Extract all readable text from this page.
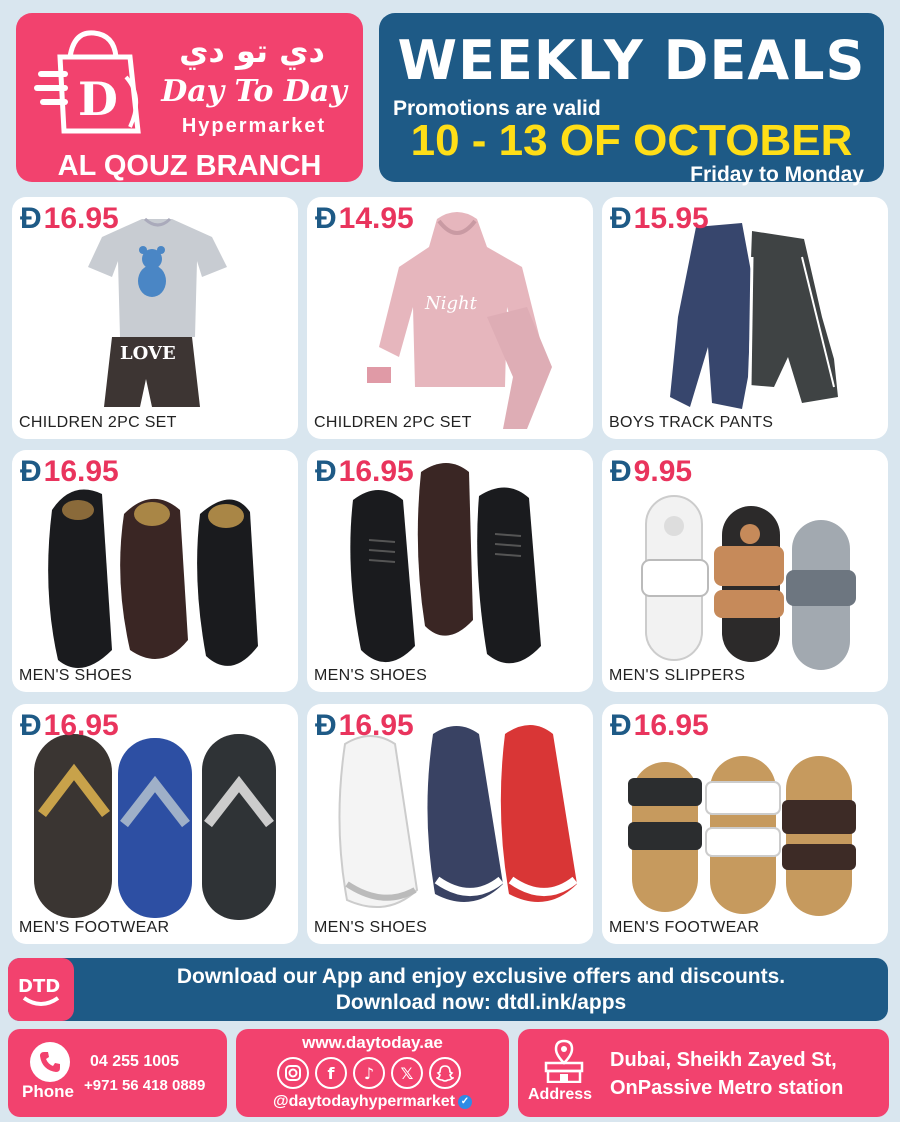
D
دي تو دي
Day To Day
Hypermarket
AL QOUZ BRANCH
WEEKLY DEALS
Promotions are valid
10 - 13 OF OCTOBER
Friday to Monday
LOVE
Đ 16.95
CHILDREN 2PC SET
Night
Đ 14.95
CHILDREN 2PC SET
Đ 15.95
BOYS TRACK PANTS
Đ 16.95
MEN'S SHOES
Đ 16.95
MEN'S SHOES
Đ 9.95
MEN'S SLIPPERS
Đ 16.95
MEN'S FOOTWEAR
Đ 16.95
MEN'S SHOES
Đ 16.95
MEN'S FOOTWEAR
DTD	Download our App and enjoy exclusive offers and discounts.
Download now: dtdl.ink/apps
Phone
04 255 1005
+971 56 418 0889
www.daytoday.ae
f	♪	𝕏
@daytodayhypermarket ✓	Address
Dubai, Sheikh Zayed St,
OnPassive Metro station
